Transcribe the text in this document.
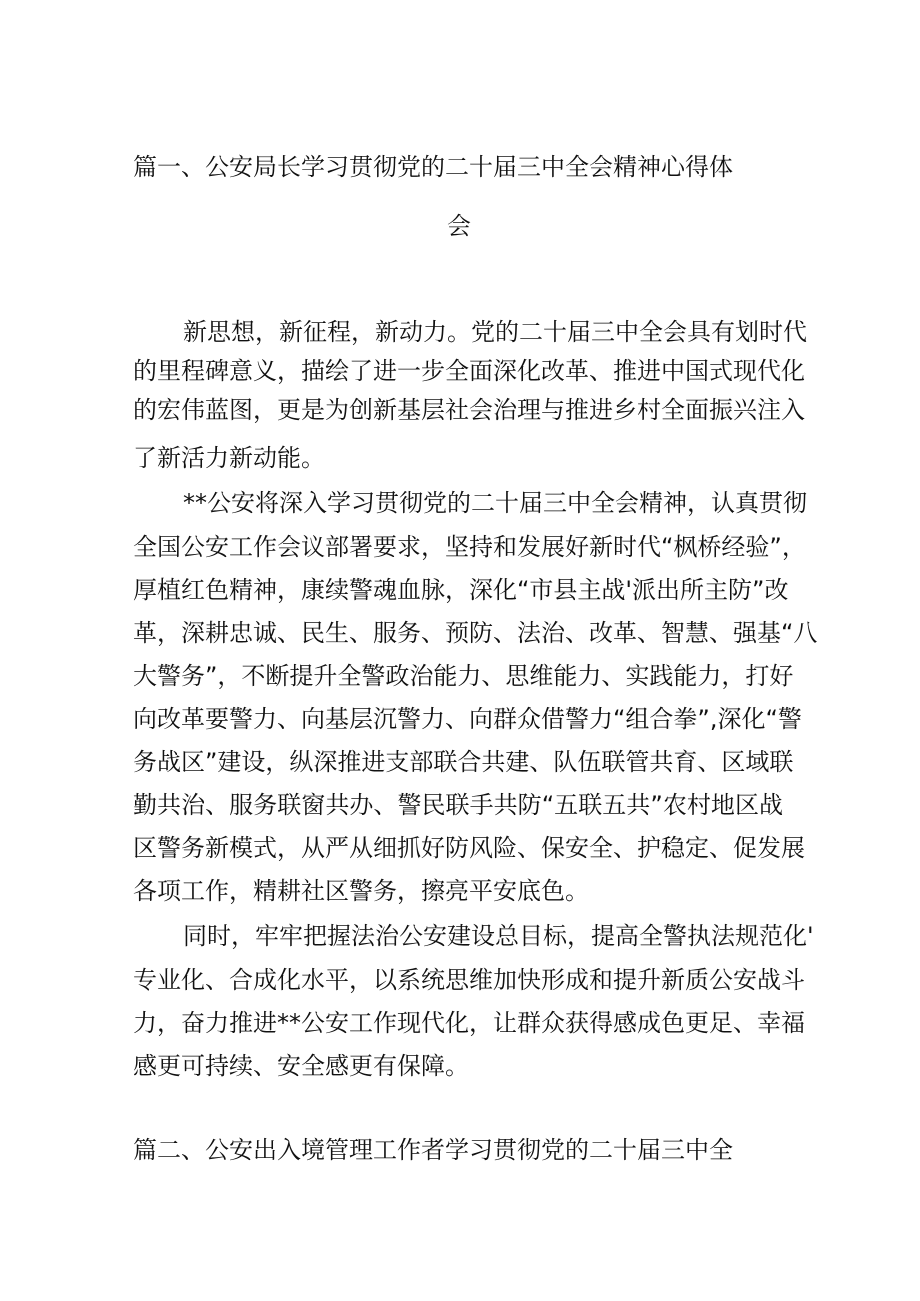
篇一、公安局长学习贯彻党的二十届三中全会精神心得体
会
新思想，新征程，新动力。党的二十届三中全会具有划时代
的里程碑意义，描绘了进一步全面深化改革、推进中国式现代化
的宏伟蓝图，更是为创新基层社会治理与推进乡村全面振兴注入
了新活力新动能。
**公安将深入学习贯彻党的二十届三中全会精神，认真贯彻
全国公安工作会议部署要求，坚持和发展好新时代“枫桥经验”，
厚植红色精神，康续警魂血脉，深化“市县主战'派出所主防”改
革，深耕忠诚、民生、服务、预防、法治、改革、智慧、强基“八
大警务”，不断提升全警政治能力、思维能力、实践能力，打好
向改革要警力、向基层沉警力、向群众借警力“组合拳”,深化“警
务战区”建设，纵深推进支部联合共建、队伍联管共育、区域联
勤共治、服务联窗共办、警民联手共防“五联五共”农村地区战
区警务新模式，从严从细抓好防风险、保安全、护稳定、促发展
各项工作，精耕社区警务，擦亮平安底色。
同时，牢牢把握法治公安建设总目标，提高全警执法规范化'
专业化、合成化水平，以系统思维加快形成和提升新质公安战斗
力，奋力推进**公安工作现代化，让群众获得感成色更足、幸福
感更可持续、安全感更有保障。
篇二、公安出入境管理工作者学习贯彻党的二十届三中全
